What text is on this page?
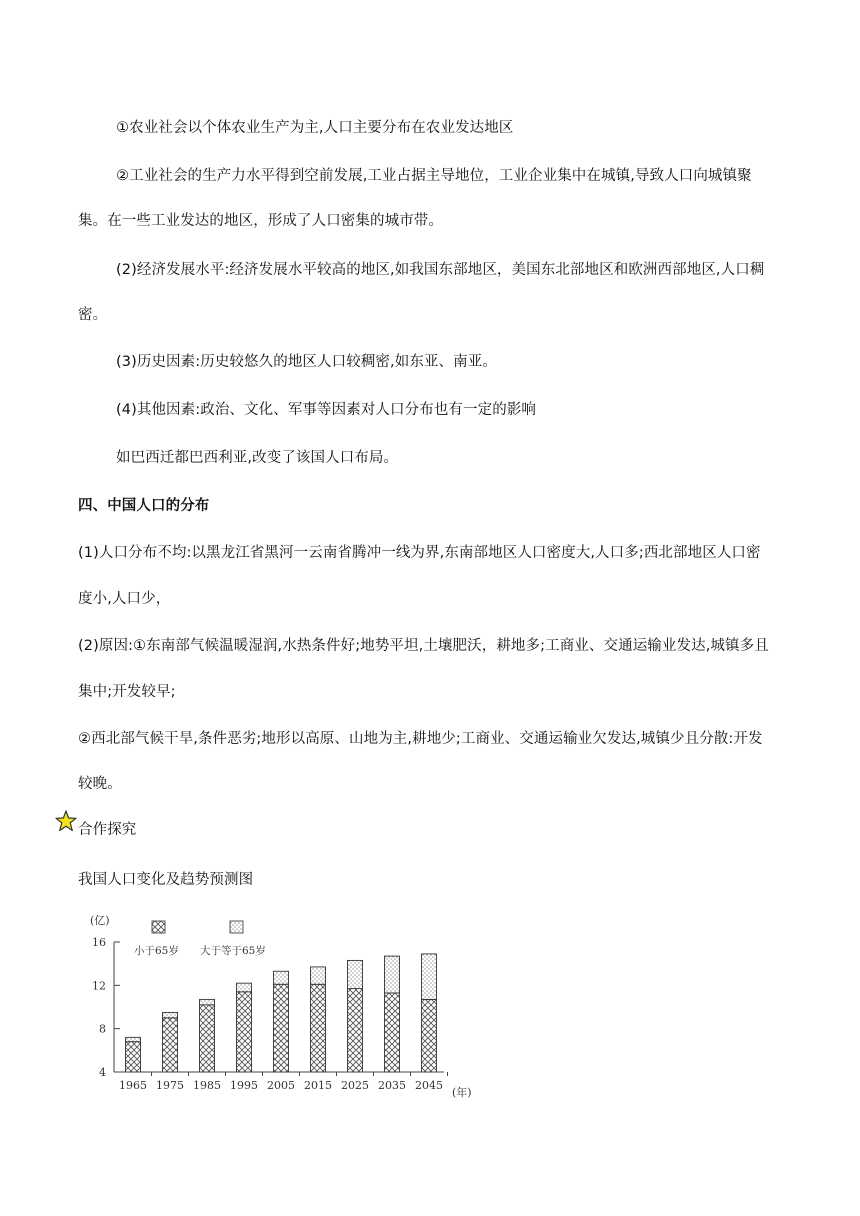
①农业社会以个体农业生产为主,人口主要分布在农业发达地区
②工业社会的生产力水平得到空前发展,工业占据主导地位，工业企业集中在城镇,导致人口向城镇聚
集。在一些工业发达的地区，形成了人口密集的城市带。
(2)经济发展水平:经济发展水平较高的地区,如我国东部地区，美国东北部地区和欧洲西部地区,人口稠
密。
(3)历史因素:历史较悠久的地区人口较稠密,如东亚、南亚。
(4)其他因素:政治、文化、军事等因素对人口分布也有一定的影响
如巴西迁都巴西利亚,改变了该国人口布局。
四、中国人口的分布
(1)人口分布不均:以黑龙江省黑河一云南省腾冲一线为界,东南部地区人口密度大,人口多;西北部地区人口密
度小,人口少，
(2)原因:①东南部气候温暖湿润,水热条件好;地势平坦,土壤肥沃，耕地多;工商业、交通运输业发达,城镇多且
集中;开发较早;
②西北部气候干旱,条件恶劣;地形以高原、山地为主,耕地少;工商业、交通运输业欠发达,城镇少且分散:开发
较晚。
合作探究
我国人口变化及趋势预测图
(亿)
(年)
小于65岁 大于等于65岁
4
8
12
16
1965 1975 1985 1995 2005 2015 2025 2035 2045
